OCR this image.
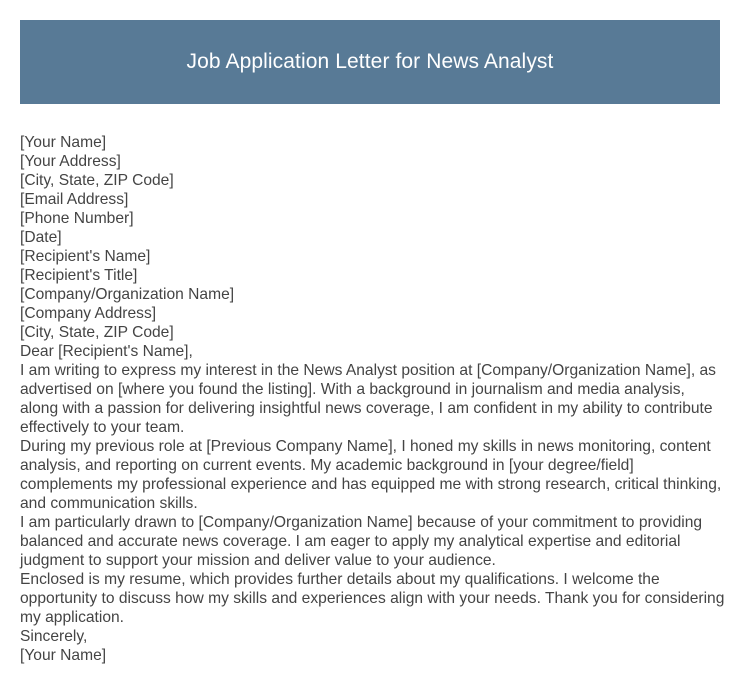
Job Application Letter for News Analyst
[Your Name]
[Your Address]
[City, State, ZIP Code]
[Email Address]
[Phone Number]
[Date]
[Recipient's Name]
[Recipient's Title]
[Company/Organization Name]
[Company Address]
[City, State, ZIP Code]
Dear [Recipient's Name],
I am writing to express my interest in the News Analyst position at [Company/Organization Name], as advertised on [where you found the listing]. With a background in journalism and media analysis, along with a passion for delivering insightful news coverage, I am confident in my ability to contribute effectively to your team.
During my previous role at [Previous Company Name], I honed my skills in news monitoring, content analysis, and reporting on current events. My academic background in [your degree/field] complements my professional experience and has equipped me with strong research, critical thinking, and communication skills.
I am particularly drawn to [Company/Organization Name] because of your commitment to providing balanced and accurate news coverage. I am eager to apply my analytical expertise and editorial judgment to support your mission and deliver value to your audience.
Enclosed is my resume, which provides further details about my qualifications. I welcome the opportunity to discuss how my skills and experiences align with your needs. Thank you for considering my application.
Sincerely,
[Your Name]
